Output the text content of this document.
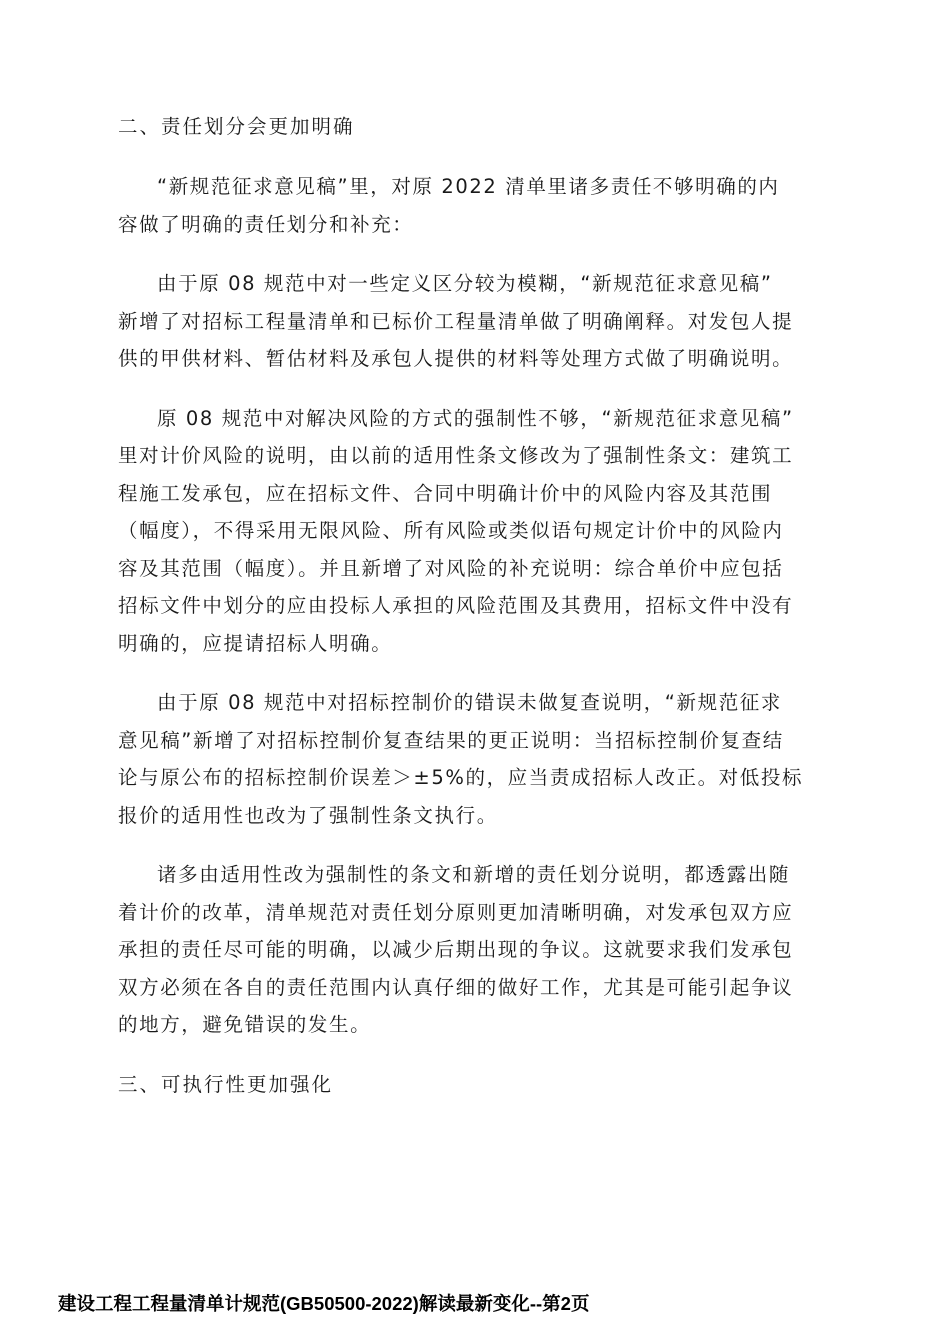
二、责任划分会更加明确
“新规范征求意见稿”里，对原 2022 清单里诸多责任不够明确的内
容做了明确的责任划分和补充：
由于原 08 规范中对一些定义区分较为模糊，“新规范征求意见稿”
新增了对招标工程量清单和已标价工程量清单做了明确阐释。对发包人提
供的甲供材料、暂估材料及承包人提供的材料等处理方式做了明确说明。
原 08 规范中对解决风险的方式的强制性不够，“新规范征求意见稿”
里对计价风险的说明，由以前的适用性条文修改为了强制性条文：建筑工
程施工发承包，应在招标文件、合同中明确计价中的风险内容及其范围
（幅度），不得采用无限风险、所有风险或类似语句规定计价中的风险内
容及其范围（幅度）。并且新增了对风险的补充说明：综合单价中应包括
招标文件中划分的应由投标人承担的风险范围及其费用，招标文件中没有
明确的，应提请招标人明确。
由于原 08 规范中对招标控制价的错误未做复查说明，“新规范征求
意见稿”新增了对招标控制价复查结果的更正说明：当招标控制价复查结
论与原公布的招标控制价误差＞±5%的，应当责成招标人改正。对低投标
报价的适用性也改为了强制性条文执行。
诸多由适用性改为强制性的条文和新增的责任划分说明，都透露出随
着计价的改革，清单规范对责任划分原则更加清晰明确，对发承包双方应
承担的责任尽可能的明确，以减少后期出现的争议。这就要求我们发承包
双方必须在各自的责任范围内认真仔细的做好工作，尤其是可能引起争议
的地方，避免错误的发生。
三、可执行性更加强化
建设工程工程量清单计规范(GB50500-2022)解读最新变化--第2页
